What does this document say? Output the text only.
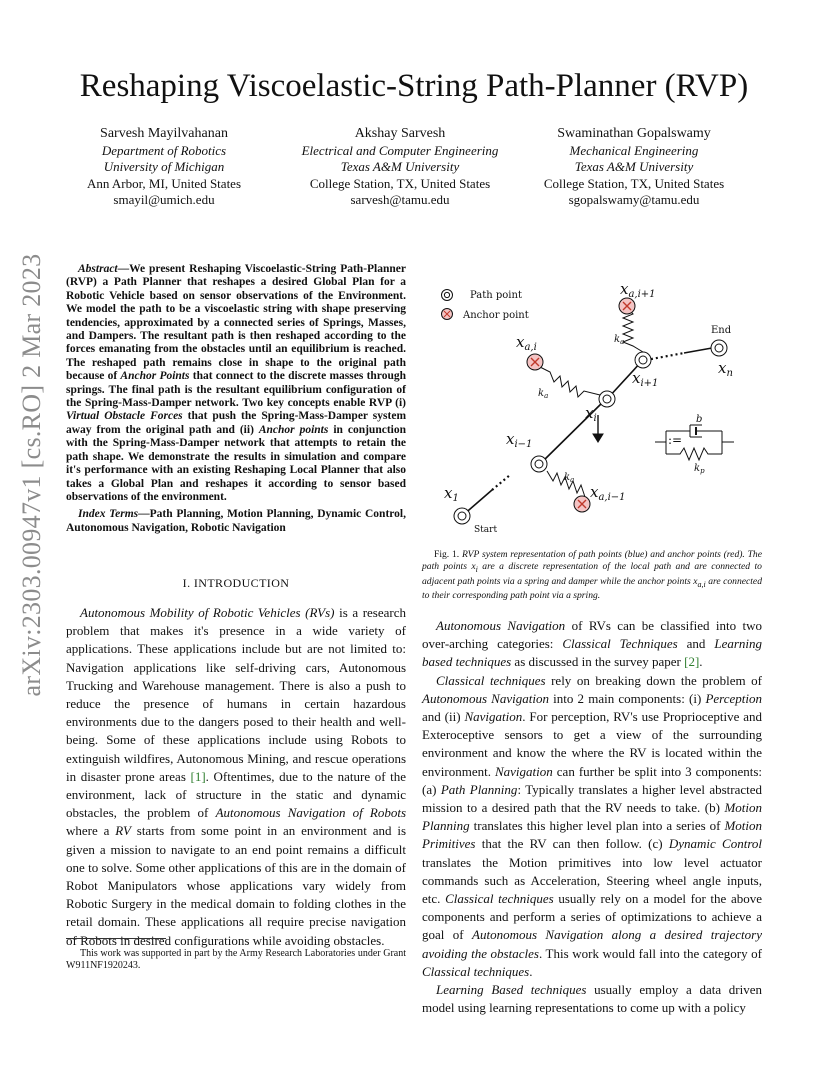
Reshaping Viscoelastic-String Path-Planner (RVP)
Sarvesh Mayilvahanan
Department of Robotics
University of Michigan
Ann Arbor, MI, United States
smayil@umich.edu
Akshay Sarvesh
Electrical and Computer Engineering
Texas A&M University
College Station, TX, United States
sarvesh@tamu.edu
Swaminathan Gopalswamy
Mechanical Engineering
Texas A&M University
College Station, TX, United States
sgopalswamy@tamu.edu
arXiv:2303.00947v1 [cs.RO] 2 Mar 2023	Abstract—We present Reshaping Viscoelastic-String Path-Planner (RVP) a Path Planner that reshapes a desired Global Plan for a Robotic Vehicle based on sensor observations of the Environment. We model the path to be a viscoelastic string with shape preserving tendencies, approximated by a connected series of Springs, Masses, and Dampers. The resultant path is then reshaped according to the forces emanating from the obstacles until an equilibrium is reached. The reshaped path remains close in shape to the original path because of Anchor Points that connect to the discrete masses through springs. The final path is the resultant equilibrium configuration of the Spring-Mass-Damper network. Two key concepts enable RVP (i) Virtual Obstacle Forces that push the Spring-Mass-Damper system away from the original path and (ii) Anchor points in conjunction with the Spring-Mass-Damper network that attempts to retain the path shape. We demonstrate the results in simulation and compare it's performance with an existing Reshaping Local Planner that also takes a Global Plan and reshapes it according to sensor based observations of the environment.

Index Terms—Path Planning, Motion Planning, Dynamic Control, Autonomous Navigation, Robotic Navigation

I. INTRODUCTION

Autonomous Mobility of Robotic Vehicles (RVs) is a research problem that makes it's presence in a wide variety of applications. These applications include but are not limited to: Navigation applications like self-driving cars, Autonomous Trucking and Warehouse management. There is also a push to reduce the presence of humans in certain hazardous environments due to the dangers posed to their health and well-being. Some of these applications include using Robots to extinguish wildfires, Autonomous Mining, and rescue operations in disaster prone areas [1]. Oftentimes, due to the nature of the environment, lack of structure in the static and dynamic obstacles, the problem of Autonomous Navigation of Robots where a RV starts from some point in an environment and is given a mission to navigate to an end point remains a difficult one to solve. Some other applications of this are in the domain of Robot Manipulators whose applications vary widely from Robotic Surgery in the medical domain to folding clothes in the retail domain. These applications all require precise navigation of Robots in desired configurations while avoiding obstacles.

This work was supported in part by the Army Research Laboratories under Grant W911NF1920243.
Path point
Anchor point
End
Start
:=
$x_{a,i+1}$
$x_{a,i}$
$x_{a,i-1}$
$x_{i+1}$
$x_i$
$x_{i-1}$
$x_1$
$x_n$
$k_a$
$k_a$
$k_a$
b
$k_p$
Fig. 1. RVP system representation of path points (blue) and anchor points (red). The path points $x_i$ are a discrete representation of the local path and are connected to adjacent path points via a spring and damper while the anchor points $x_{a,i}$ are connected to their corresponding path point via a spring.

Autonomous Navigation of RVs can be classified into two over-arching categories: Classical Techniques and Learning based techniques as discussed in the survey paper [2].

Classical techniques rely on breaking down the problem of Autonomous Navigation into 2 main components: (i) Perception and (ii) Navigation. For perception, RV's use Proprioceptive and Exteroceptive sensors to get a view of the surrounding environment and know the where the RV is located within the environment. Navigation can further be split into 3 components: (a) Path Planning: Typically translates a higher level abstracted mission to a desired path that the RV needs to take. (b) Motion Planning translates this higher level plan into a series of Motion Primitives that the RV can then follow. (c) Dynamic Control translates the Motion primitives into low level actuator commands such as Acceleration, Steering wheel angle inputs, etc. Classical techniques usually rely on a model for the above components and perform a series of optimizations to achieve a goal of Autonomous Navigation along a desired trajectory avoiding the obstacles. This work would fall into the category of Classical techniques.

Learning Based techniques usually employ a data driven model using learning representations to come up with a policy
